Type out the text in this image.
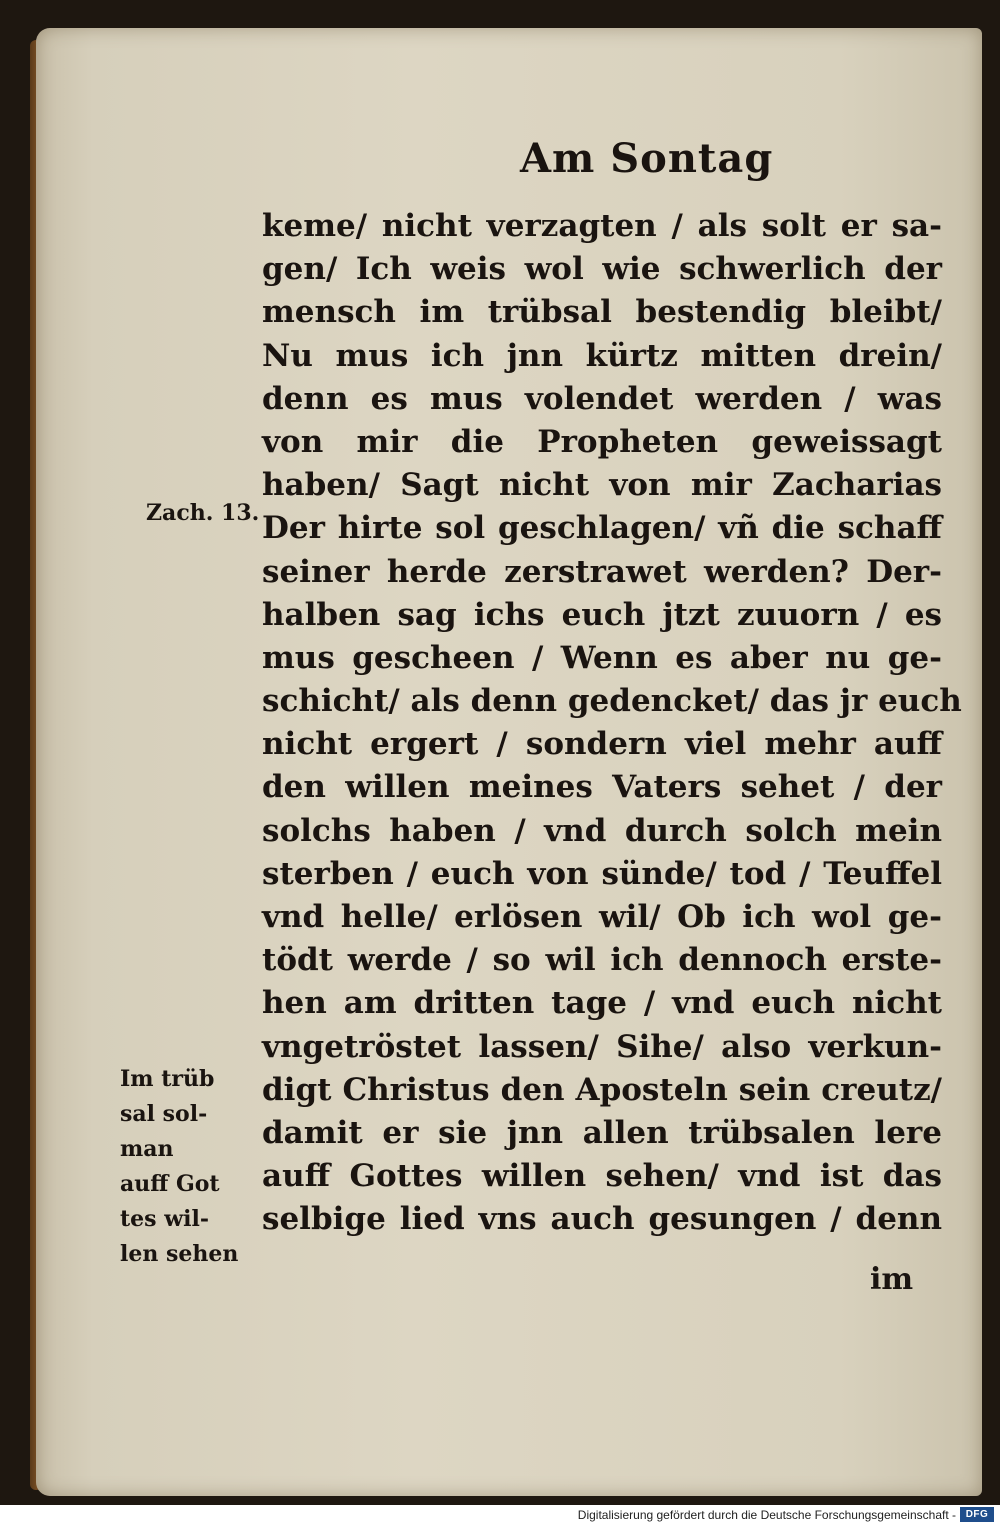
Am Sontag
Zach. 13.
Im trüb
sal sol-
man
auff Got
tes wil-
len sehen
keme/ nicht verzagten / als solt er sa-
gen/ Ich weis wol wie schwerlich der
mensch im trübsal bestendig bleibt/
Nu mus ich jnn kürtz mitten drein/
denn es mus volendet werden / was
von mir die Propheten geweissagt
haben/ Sagt nicht von mir Zacharias
Der hirte sol geschlagen/ vñ die schaff
seiner herde zerstrawet werden? Der-
halben sag ichs euch jtzt zuuorn / es
mus gescheen / Wenn es aber nu ge-
schicht/ als denn gedencket/ das jr euch
nicht ergert / sondern viel mehr auff
den willen meines Vaters sehet / der
solchs haben / vnd durch solch mein
sterben / euch von sünde/ tod / Teuffel
vnd helle/ erlösen wil/ Ob ich wol ge-
tödt werde / so wil ich dennoch erste-
hen am dritten tage / vnd euch nicht
vngetröstet lassen/ Sihe/ also verkun-
digt Christus den Aposteln sein creutz/
damit er sie jnn allen trübsalen lere
auff Gottes willen sehen/ vnd ist das
selbige lied vns auch gesungen / denn
im
Digitalisierung gefördert durch die Deutsche Forschungsgemeinschaft - DFG
